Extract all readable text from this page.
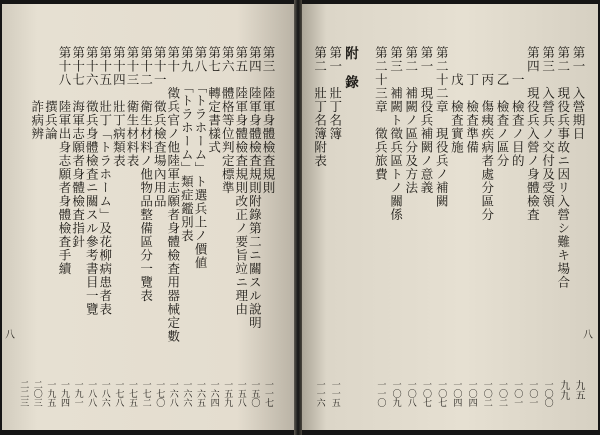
八
第一　入營期日
九五
第二　現役兵事故ニ因リ入營シ難キ場合
九九
第三　入營兵ノ交付及受領
一〇〇
第四　現役兵入營ノ身體檢査
一〇一
　　一　檢査ノ目的
一〇一
　　乙　檢査ノ區分
一〇二
　　丙　傷痍疾病者處分區分
一〇二
　　丁　檢査準備
一〇四
　　戊　檢査實施
一〇四
第二十二章　現役兵ノ補闕
一〇七
第一　現役兵補闕ノ意義
一〇七
第二　補闕ノ區分及方法
一〇八
第三　補闕ト徵兵區トノ關係
一〇九
第二十三章　徵兵旅費
一一〇
附　錄
第一　壯丁名簿
一一五
第二　壯丁名簿附表
一一六
八
第三　陸軍身體檢査規則
一一七
第四　陸軍身體檢査規則附錄第二ニ關スル說明
一五〇
第五　陸軍身體檢査規則改正ノ要旨竝ニ理由
一五八
第六　體格等位判定標準
一五九
第七　轉定書樣式
一六四
第八　「トラホーム」ト選兵上ノ價値
一六五
第九　「トラホーム」類症鑑別表
一六六
第十　徵兵官ノ他陸軍志願者身體檢査用器械定數
一六八
第十一　徵兵檢査場內用品
一七〇
第十二　衛生材料ノ他物品整備區分一覽表
一七二
第十三　衛生材料表
一七五
第十四　壯丁病類表
一七八
第十五　壯丁「トラホーム」及花柳病患者表
一八六
第十六　徵兵身體檢査ニ關スル參考書目一覽
一八八
第十七　海軍志願者身體檢査指針
一九一
第十八　陸軍出身志願者身體檢査手續
一九四
　　　　撰兵論
一九五
　　　　詐病辨
二〇三
二二三
